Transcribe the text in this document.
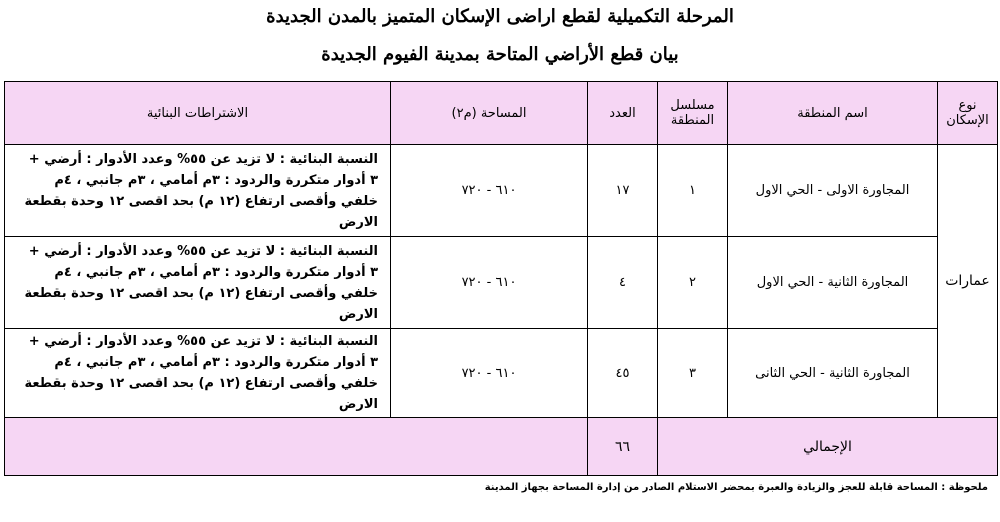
المرحلة التكميلية لقطع اراضى الإسكان المتميز بالمدن الجديدة
بيان قطع الأراضي المتاحة بمدينة الفيوم الجديدة
نوع الإسكان	اسم المنطقة	مسلسل المنطقة	العدد	المساحة (م٢)	الاشتراطات البنائية
عمارات	المجاورة الاولى - الحي الاول	١	١٧	٦١٠ - ٧٢٠	النسبة البنائية : لا تزيد عن ٥٥% وعدد الأدوار : أرضي + ٣ أدوار متكررة والردود : ٣م أمامي ، ٣م جانبي ، ٤م خلفي وأقصى ارتفاع (١٢ م) بحد اقصى ١٢ وحدة بقطعة الارض
	المجاورة الثانية - الحي الاول	٢	٤	٦١٠ - ٧٢٠	النسبة البنائية : لا تزيد عن ٥٥% وعدد الأدوار : أرضي + ٣ أدوار متكررة والردود : ٣م أمامي ، ٣م جانبي ، ٤م خلفي وأقصى ارتفاع (١٢ م) بحد اقصى ١٢ وحدة بقطعة الارض
	المجاورة الثانية - الحي الثانى	٣	٤٥	٦١٠ - ٧٢٠	النسبة البنائية : لا تزيد عن ٥٥% وعدد الأدوار : أرضي + ٣ أدوار متكررة والردود : ٣م أمامي ، ٣م جانبي ، ٤م خلفي وأقصى ارتفاع (١٢ م) بحد اقصى ١٢ وحدة بقطعة الارض
الإجمالي			٦٦		
ملحوظة : المساحة قابلة للعجز والزيادة والعبرة بمحضر الاستلام الصادر من إدارة المساحة بجهاز المدينة
